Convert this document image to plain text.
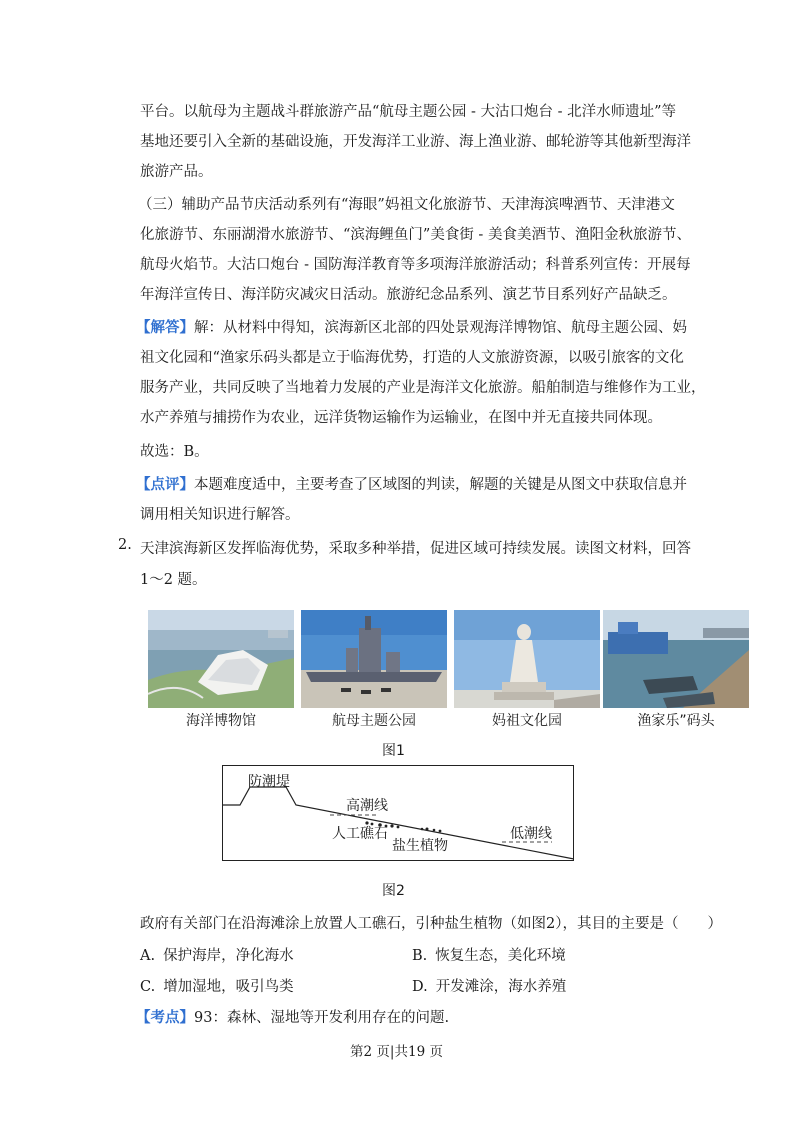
平台。以航母为主题战斗群旅游产品“航母主题公园 - 大沽口炮台 - 北洋水师遗址”等
基地还要引入全新的基础设施，开发海洋工业游、海上渔业游、邮轮游等其他新型海洋
旅游产品。
（三）辅助产品节庆活动系列有“海眼”妈祖文化旅游节、天津海滨啤酒节、天津港文
化旅游节、东丽湖滑水旅游节、“滨海鲤鱼门”美食街 - 美食美酒节、渔阳金秋旅游节、
航母火焰节。大沽口炮台 - 国防海洋教育等多项海洋旅游活动；科普系列宣传：开展每
年海洋宣传日、海洋防灾减灾日活动。旅游纪念品系列、演艺节目系列好产品缺乏。
【解答】解：从材料中得知，滨海新区北部的四处景观海洋博物馆、航母主题公园、妈
祖文化园和“渔家乐码头都是立于临海优势，打造的人文旅游资源，以吸引旅客的文化
服务产业，共同反映了当地着力发展的产业是海洋文化旅游。船舶制造与维修作为工业，
水产养殖与捕捞作为农业，远洋货物运输作为运输业，在图中并无直接共同体现。
故选：B。
【点评】本题难度适中，主要考查了区域图的判读，解题的关键是从图文中获取信息并
调用相关知识进行解答。
2. 天津滨海新区发挥临海优势，采取多种举措，促进区域可持续发展。读图文材料，回答
1～2 题。
海洋博物馆	航母主题公园	妈祖文化园	渔家乐”码头
图1
防潮堤
高潮线
人工礁石
盐生植物
低潮线
图2
政府有关部门在沿海滩涂上放置人工礁石，引种盐生植物（如图2），其目的主要是（　　）
A. 保护海岸，净化海水	B. 恢复生态，美化环境
C. 增加湿地，吸引鸟类	D. 开发滩涂，海水养殖
【考点】93：森林、湿地等开发利用存在的问题.
第2 页|共19 页
